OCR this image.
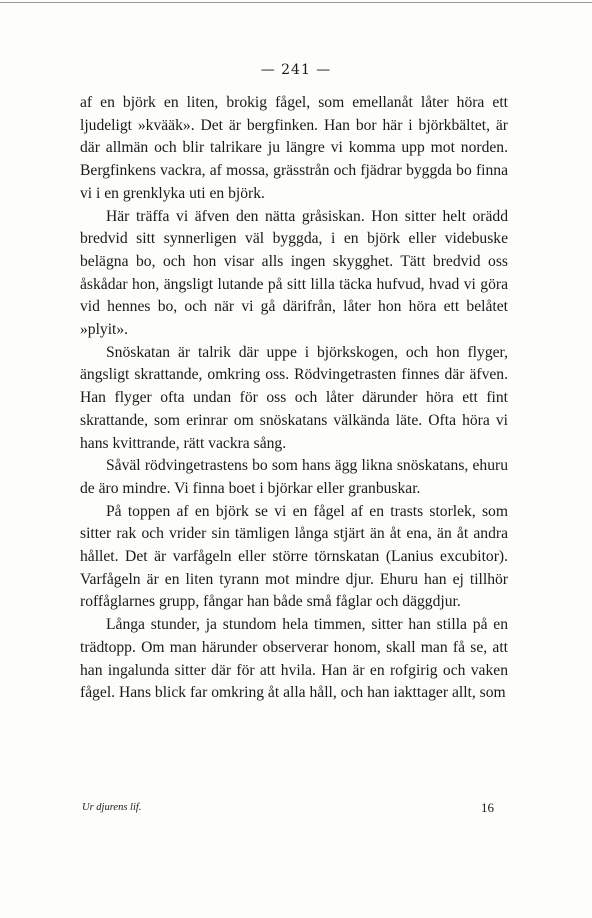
— 241 —

af en björk en liten, brokig fågel, som emellanåt låter höra ett ljudeligt »kvääk». Det är bergfinken. Han bor här i björkbältet, är där allmän och blir talrikare ju längre vi komma upp mot norden. Bergfinkens vackra, af mossa, grässtrån och fjädrar byggda bo finna vi i en grenklyka uti en björk.

Här träffa vi äfven den nätta gråsiskan. Hon sitter helt orädd bredvid sitt synnerligen väl byggda, i en björk eller videbuske belägna bo, och hon visar alls ingen skygghet. Tätt bredvid oss åskådar hon, ängsligt lutande på sitt lilla täcka hufvud, hvad vi göra vid hennes bo, och när vi gå därifrån, låter hon höra ett belåtet »plyit».

Snöskatan är talrik där uppe i björkskogen, och hon flyger, ängsligt skrattande, omkring oss. Rödvingetrasten finnes där äfven. Han flyger ofta undan för oss och låter därunder höra ett fint skrattande, som erinrar om snöskatans välkända läte. Ofta höra vi hans kvittrande, rätt vackra sång.

Såväl rödvingetrastens bo som hans ägg likna snöskatans, ehuru de äro mindre. Vi finna boet i björkar eller granbuskar.

På toppen af en björk se vi en fågel af en trasts storlek, som sitter rak och vrider sin tämligen långa stjärt än åt ena, än åt andra hållet. Det är varfågeln eller större törnskatan (Lanius excubitor). Varfågeln är en liten tyrann mot mindre djur. Ehuru han ej tillhör roffåglarnes grupp, fångar han både små fåglar och däggdjur.

Långa stunder, ja stundom hela timmen, sitter han stilla på en trädtopp. Om man härunder observerar honom, skall man få se, att han ingalunda sitter där för att hvila. Han är en rofgirig och vaken fågel. Hans blick far omkring åt alla håll, och han iakttager allt, som

Ur djurens lif.	16
